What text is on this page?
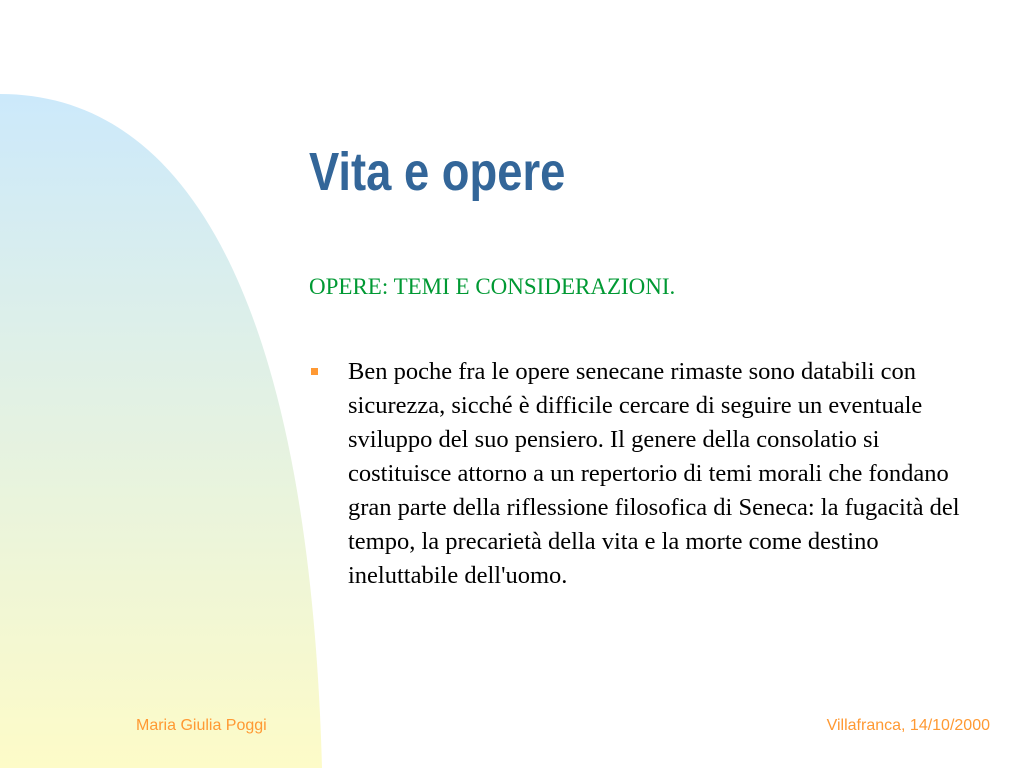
Vita e opere

OPERE: TEMI E CONSIDERAZIONI.

Ben poche fra le opere senecane rimaste sono databili con sicurezza, sicché è difficile cercare di seguire un eventuale sviluppo del suo pensiero. Il genere della consolatio si costituisce attorno a un repertorio di temi morali che fondano gran parte della riflessione filosofica di Seneca: la fugacità del tempo, la precarietà della vita e la morte come destino ineluttabile dell'uomo.

Maria Giulia Poggi	Villafranca, 14/10/2000
